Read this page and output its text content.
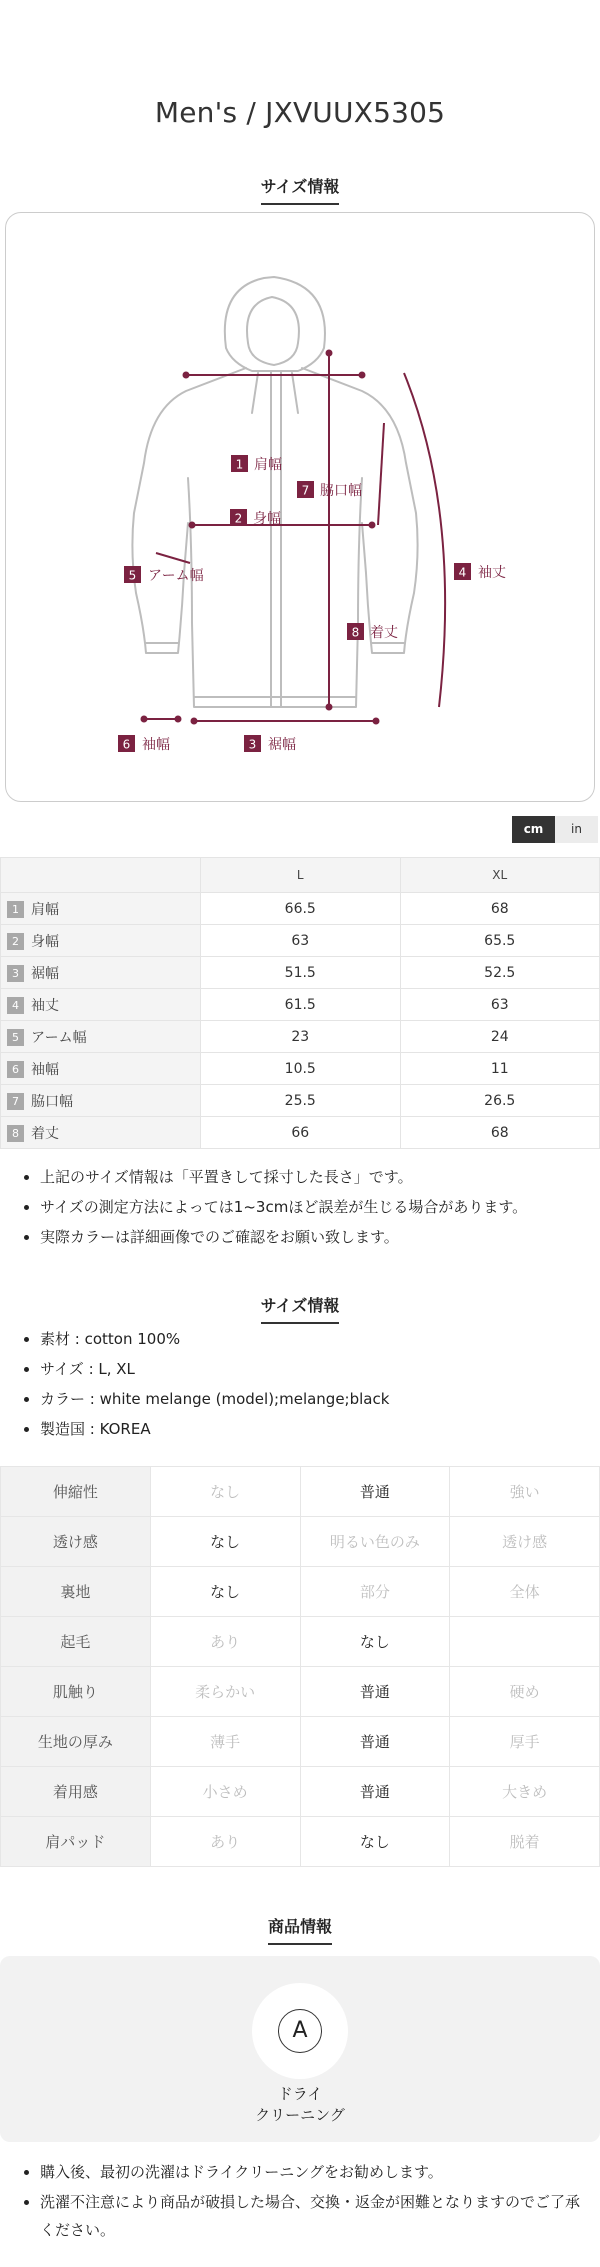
Men's / JXVUUX5305
サイズ情報
1 肩幅
7 脇口幅
2 身幅
5 アーム幅	4 袖丈
8 着丈
6 袖幅	3 裾幅
cm	in
	L	XL
1 肩幅	66.5	68
2 身幅	63	65.5
3 裾幅	51.5	52.5
4 袖丈	61.5	63
5 アーム幅	23	24
6 袖幅	10.5	11
7 脇口幅	25.5	26.5
8 着丈	66	68
• 上記のサイズ情報は「平置きして採寸した長さ」です。
• サイズの測定方法によっては1~3cmほど誤差が生じる場合があります。
• 実際カラーは詳細画像でのご確認をお願い致します。
サイズ情報
• 素材 : cotton 100%
• サイズ : L, XL
• カラー : white melange (model);melange;black
• 製造国 : KOREA
伸縮性	なし	普通	強い
透け感	なし	明るい色のみ	透け感
裏地	なし	部分	全体
起毛	あり	なし	
肌触り	柔らかい	普通	硬め
生地の厚み	薄手	普通	厚手
着用感	小さめ	普通	大きめ
肩パッド	あり	なし	脱着
商品情報
A
ドライ
クリーニング
• 購入後、最初の洗濯はドライクリーニングをお勧めします。
• 洗濯不注意により商品が破損した場合、交換・返金が困難となりますのでご了承ください。
